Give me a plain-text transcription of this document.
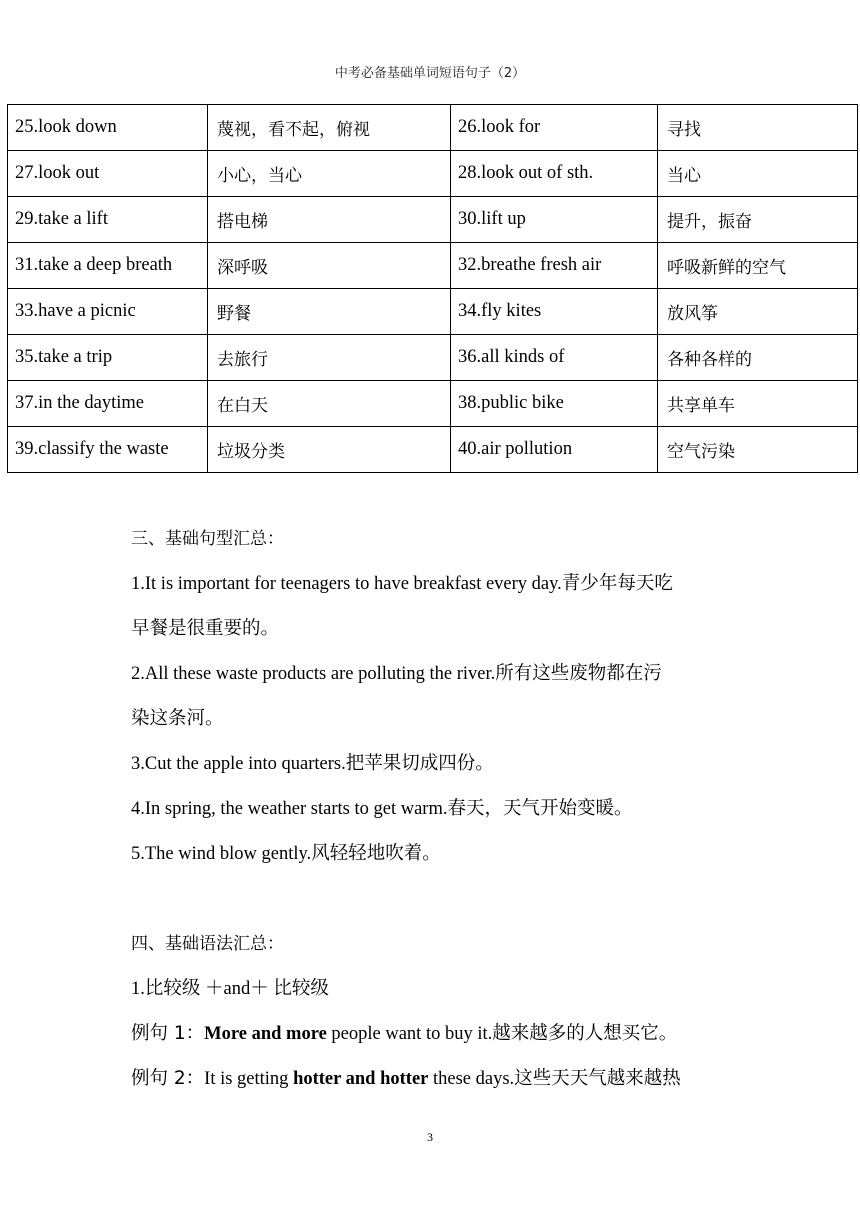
中考必备基础单词短语句子（2）
25.look down	蔑视，看不起，俯视	26.look for	寻找
27.look out	小心，当心	28.look out of sth.	当心
29.take a lift	搭电梯	30.lift up	提升，振奋
31.take a deep breath	深呼吸	32.breathe fresh air	呼吸新鲜的空气
33.have a picnic	野餐	34.fly kites	放风筝
35.take a trip	去旅行	36.all kinds of	各种各样的
37.in the daytime	在白天	38.public bike	共享单车
39.classify the waste	垃圾分类	40.air pollution	空气污染
三、基础句型汇总：
1.It is important for teenagers to have breakfast every day.青少年每天吃
早餐是很重要的。
2.All these waste products are polluting the river.所有这些废物都在污
染这条河。
3.Cut the apple into quarters.把苹果切成四份。
4.In spring, the weather starts to get warm.春天，天气开始变暖。
5.The wind blow gently.风轻轻地吹着。
四、基础语法汇总：
1.比较级 ＋and＋ 比较级
例句 1：More and more people want to buy it.越来越多的人想买它。
例句 2：It is getting hotter and hotter these days.这些天天气越来越热
3
